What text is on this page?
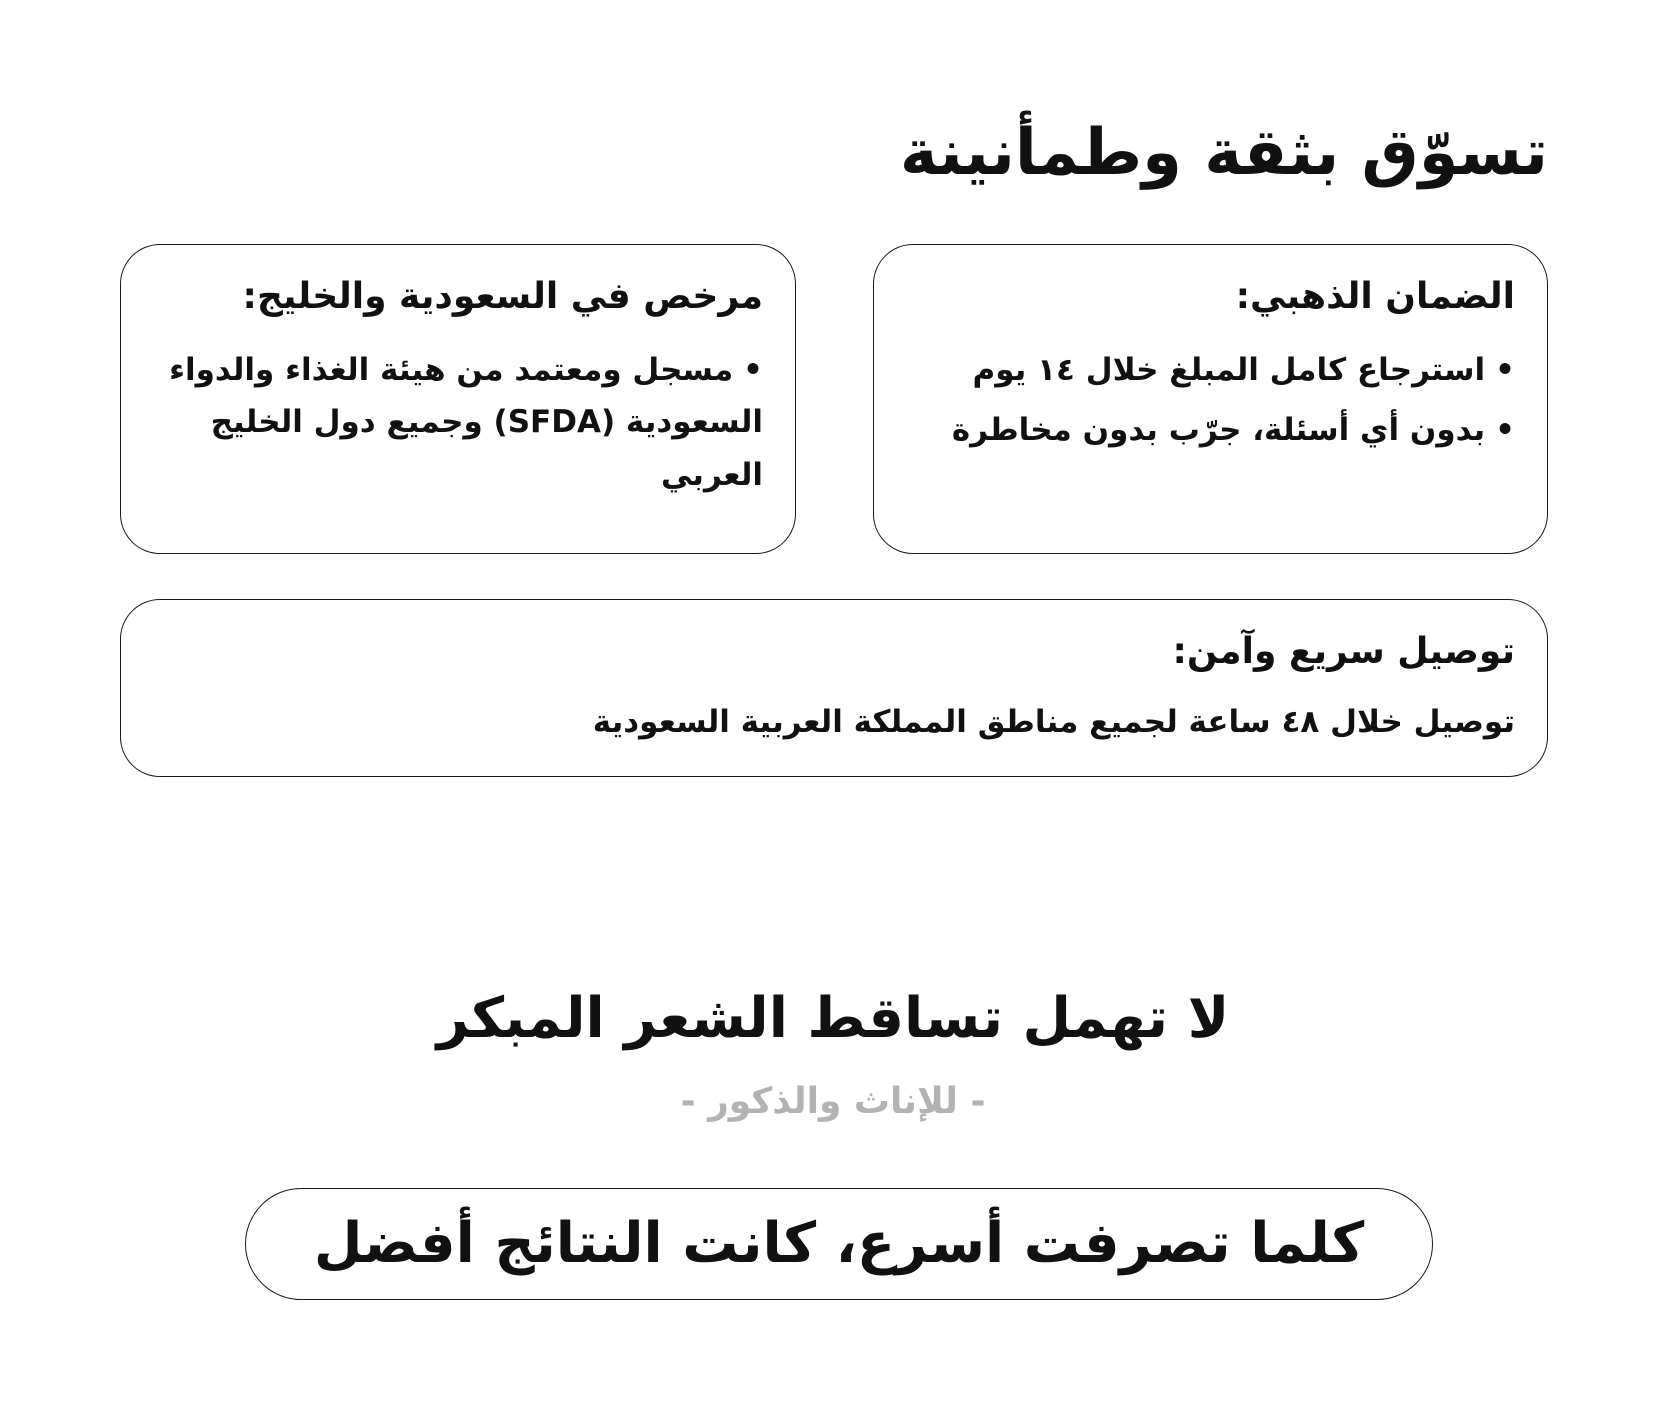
تسوّق بثقة وطمأنينة
الضمان الذهبي:
•استرجاع كامل المبلغ خلال ١٤ يوم
•بدون أي أسئلة، جرّب بدون مخاطرة
مرخص في السعودية والخليج:
•مسجل ومعتمد من هيئة الغذاء والدواء السعودية (SFDA) وجميع دول الخليج العربي
توصيل سريع وآمن:

توصيل خلال ٤٨ ساعة لجميع مناطق المملكة العربية السعودية

لا تهمل تساقط الشعر المبكر

- للإناث والذكور -

كلما تصرفت أسرع، كانت النتائج أفضل
